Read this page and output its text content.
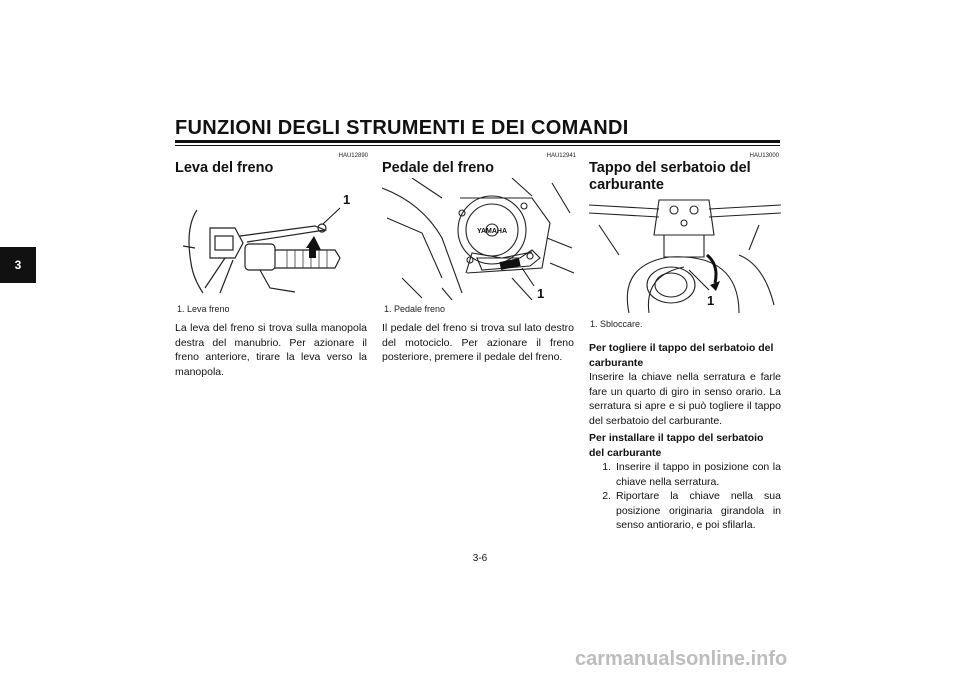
FUNZIONI DEGLI STRUMENTI E DEI COMANDI
3
HAU12890
Leva del freno
1
1. Leva freno
La leva del freno si trova sulla manopola destra del manubrio. Per azionare il freno anteriore, tirare la leva verso la manopola.
HAU12941
Pedale del freno
YAMAHA
1
1. Pedale freno
Il pedale del freno si trova sul lato destro del motociclo. Per azionare il freno posteriore, premere il pedale del freno.
HAU13000
Tappo del serbatoio del carburante
1
1. Sbloccare.
Per togliere il tappo del serbatoio del carburante
Inserire la chiave nella serratura e farle fare un quarto di giro in senso orario. La serratura si apre e si può togliere il tappo del serbatoio del carburante.
Per installare il tappo del serbatoio del carburante
1. Inserire il tappo in posizione con la chiave nella serratura.
2. Riportare la chiave nella sua posizione originaria girandola in senso antiorario, e poi sfilarla.
3-6
carmanualsonline.info
